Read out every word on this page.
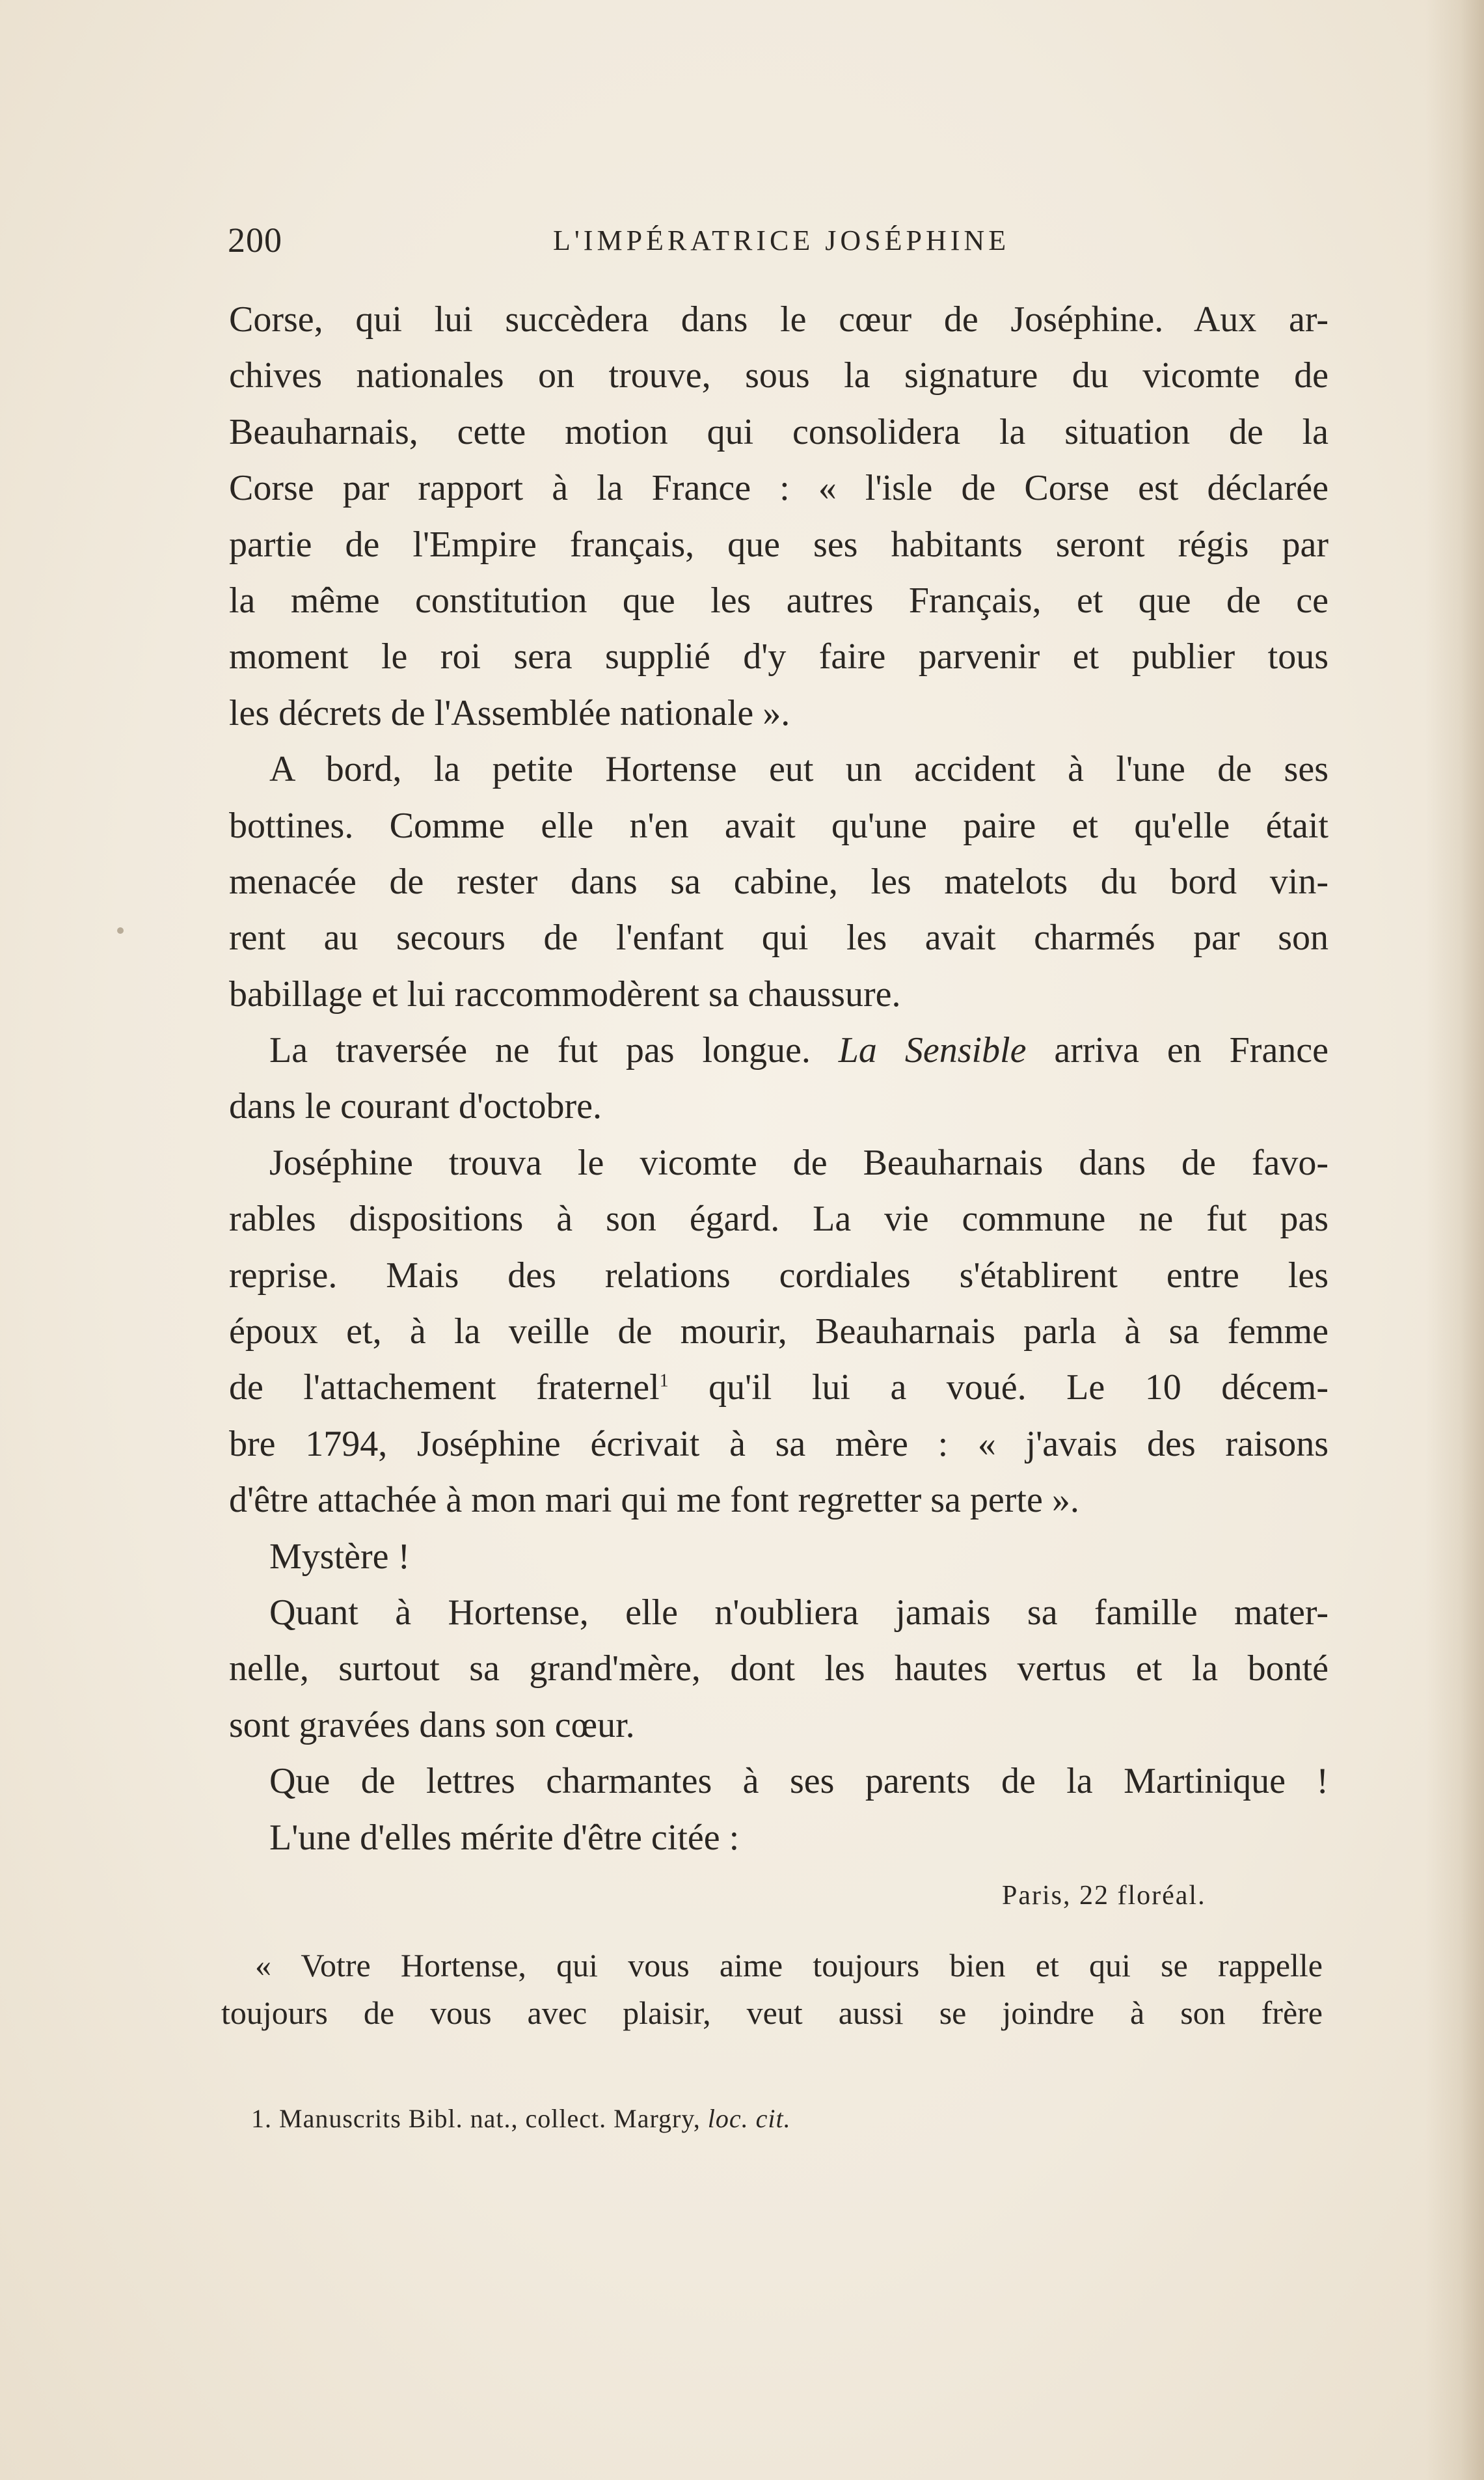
200	L'IMPÉRATRICE JOSÉPHINE
Corse, qui lui succèdera dans le cœur de Joséphine. Aux ar-
chives nationales on trouve, sous la signature du vicomte de
Beauharnais, cette motion qui consolidera la situation de la
Corse par rapport à la France : « l'isle de Corse est déclarée
partie de l'Empire français, que ses habitants seront régis par
la même constitution que les autres Français, et que de ce
moment le roi sera supplié d'y faire parvenir et publier tous
les décrets de l'Assemblée nationale ».
A bord, la petite Hortense eut un accident à l'une de ses
bottines. Comme elle n'en avait qu'une paire et qu'elle était
menacée de rester dans sa cabine, les matelots du bord vin-
rent au secours de l'enfant qui les avait charmés par son
babillage et lui raccommodèrent sa chaussure.
La traversée ne fut pas longue. La Sensible arriva en France
dans le courant d'octobre.
Joséphine trouva le vicomte de Beauharnais dans de favo-
rables dispositions à son égard. La vie commune ne fut pas
reprise. Mais des relations cordiales s'établirent entre les
époux et, à la veille de mourir, Beauharnais parla à sa femme
de l'attachement fraternel$^1$ qu'il lui a voué. Le 10 décem-
bre 1794, Joséphine écrivait à sa mère : « j'avais des raisons
d'être attachée à mon mari qui me font regretter sa perte ».
Mystère !
Quant à Hortense, elle n'oubliera jamais sa famille mater-
nelle, surtout sa grand'mère, dont les hautes vertus et la bonté
sont gravées dans son cœur.
Que de lettres charmantes à ses parents de la Martinique !
L'une d'elles mérite d'être citée :
Paris, 22 floréal.
« Votre Hortense, qui vous aime toujours bien et qui se rappelle
toujours de vous avec plaisir, veut aussi se joindre à son frère
1. Manuscrits Bibl. nat., collect. Margry, loc. cit.
